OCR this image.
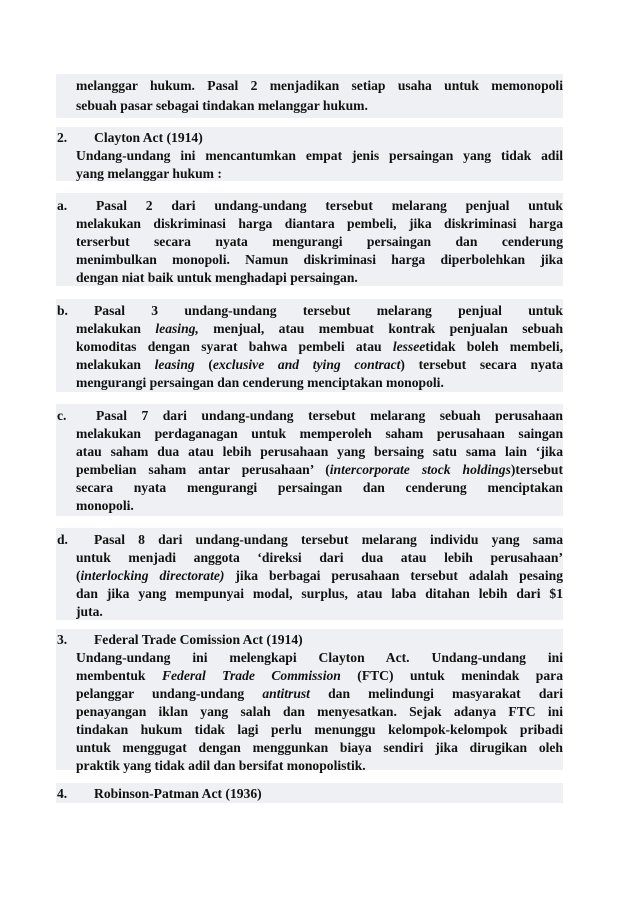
melanggar hukum. Pasal 2 menjadikan setiap usaha untuk memonopoli
sebuah pasar sebagai tindakan melanggar hukum.
2. Clayton Act (1914)
Undang-undang ini mencantumkan empat jenis persaingan yang tidak adil
yang melanggar hukum :
a. Pasal 2 dari undang-undang tersebut melarang penjual untuk
melakukan diskriminasi harga diantara pembeli, jika diskriminasi harga
terserbut secara nyata mengurangi persaingan dan cenderung
menimbulkan monopoli. Namun diskriminasi harga diperbolehkan jika
dengan niat baik untuk menghadapi persaingan.
b. Pasal 3 undang-undang tersebut melarang penjual untuk
melakukan leasing, menjual, atau membuat kontrak penjualan sebuah
komoditas dengan syarat bahwa pembeli atau lesseetidak boleh membeli,
melakukan leasing (exclusive and tying contract) tersebut secara nyata
mengurangi persaingan dan cenderung menciptakan monopoli.
c. Pasal 7 dari undang-undang tersebut melarang sebuah perusahaan
melakukan perdaganagan untuk memperoleh saham perusahaan saingan
atau saham dua atau lebih perusahaan yang bersaing satu sama lain ‘jika
pembelian saham antar perusahaan’ (intercorporate stock holdings)tersebut
secara nyata mengurangi persaingan dan cenderung menciptakan
monopoli.
d. Pasal 8 dari undang-undang tersebut melarang individu yang sama
untuk menjadi anggota ‘direksi dari dua atau lebih perusahaan’
(interlocking directorate) jika berbagai perusahaan tersebut adalah pesaing
dan jika yang mempunyai modal, surplus, atau laba ditahan lebih dari $1
juta.
3. Federal Trade Comission Act (1914)
Undang-undang ini melengkapi Clayton Act. Undang-undang ini
membentuk Federal Trade Commission (FTC) untuk menindak para
pelanggar undang-undang antitrust dan melindungi masyarakat dari
penayangan iklan yang salah dan menyesatkan. Sejak adanya FTC ini
tindakan hukum tidak lagi perlu menunggu kelompok-kelompok pribadi
untuk menggugat dengan menggunkan biaya sendiri jika dirugikan oleh
praktik yang tidak adil dan bersifat monopolistik.
4. Robinson-Patman Act (1936)
